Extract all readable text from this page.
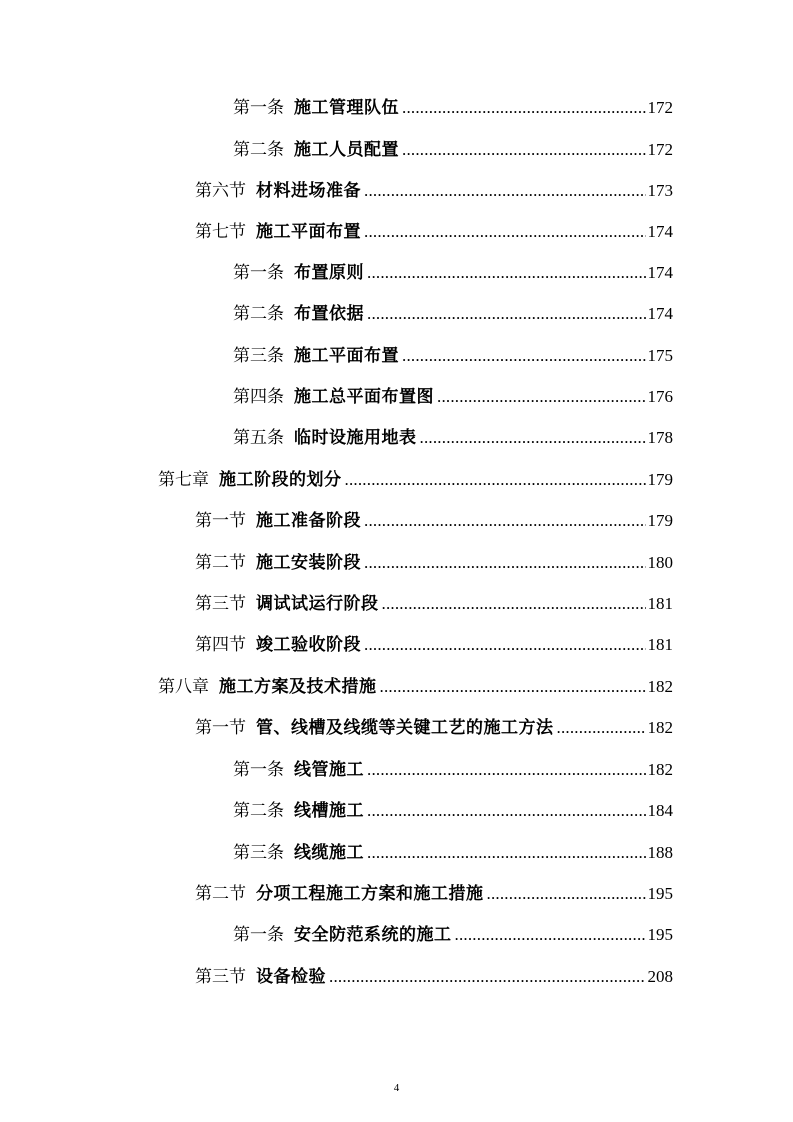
第一条 施工管理队伍 .....	172
第二条 施工人员配置 .....	172
第六节 材料进场准备 .....	173
第七节 施工平面布置 .....	174
第一条 布置原则 .....	174
第二条 布置依据 .....	174
第三条 施工平面布置 .....	175
第四条 施工总平面布置图 .....	176
第五条 临时设施用地表 .....	178
第七章 施工阶段的划分 .....	179
第一节 施工准备阶段 .....	179
第二节 施工安装阶段 .....	180
第三节 调试试运行阶段 .....	181
第四节 竣工验收阶段 .....	181
第八章 施工方案及技术措施 .....	182
第一节 管、线槽及线缆等关键工艺的施工方法 .....	182
第一条 线管施工 .....	182
第二条 线槽施工 .....	184
第三条 线缆施工 .....	188
第二节 分项工程施工方案和施工措施 .....	195
第一条 安全防范系统的施工 .....	195
第三节 设备检验 .....	208
4
